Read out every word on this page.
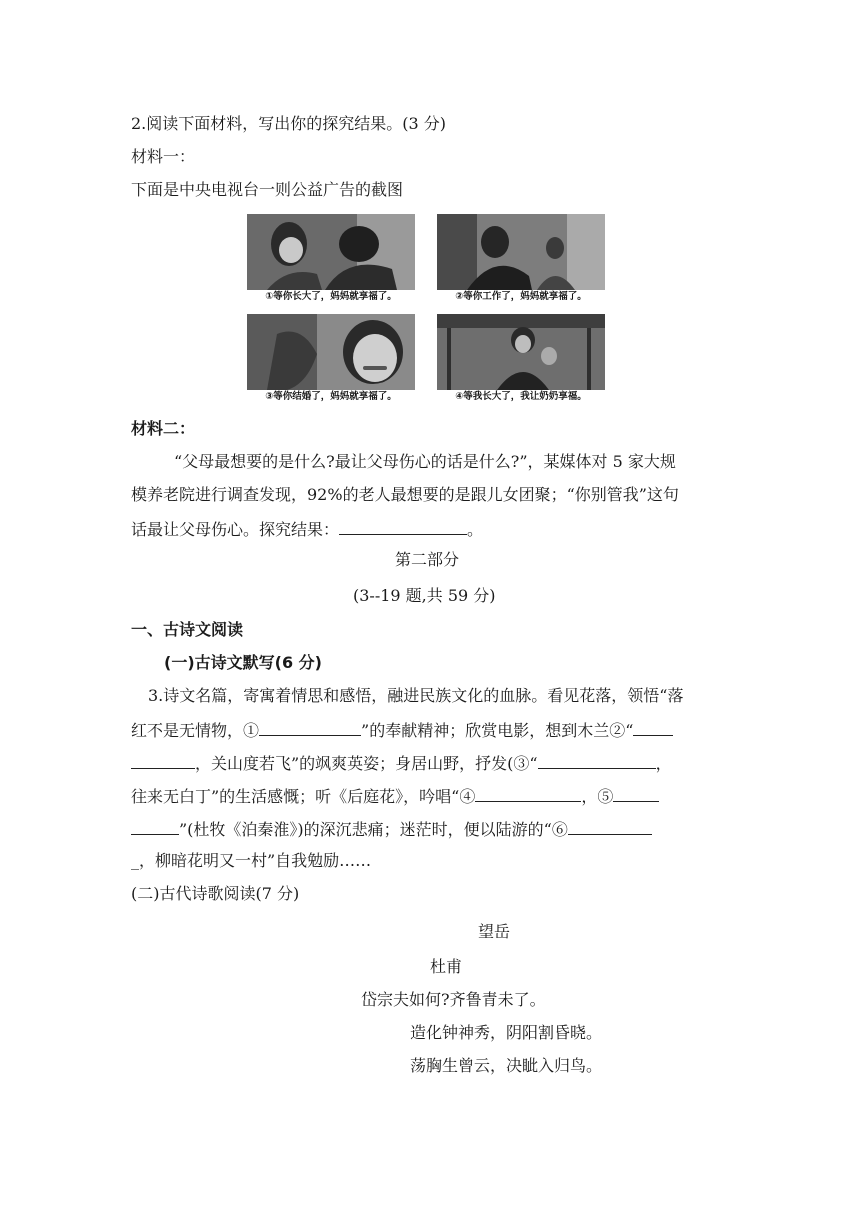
2.阅读下面材料，写出你的探究结果。(3 分)
材料一：
下面是中央电视台一则公益广告的截图
①等你长大了，妈妈就享福了。	②等你工作了，妈妈就享福了。
③等你结婚了，妈妈就享福了。	④等我长大了，我让奶奶享福。
材料二：
“父母最想要的是什么?最让父母伤心的话是什么?”，某媒体对 5 家大规
模养老院进行调查发现，92%的老人最想要的是跟儿女团聚；“你别管我”这句
话最让父母伤心。探究结果：	。
第二部分
(3--19 题,共 59 分)
一、古诗文阅读
(一)古诗文默写(6 分)
3.诗文名篇，寄寓着情思和感悟，融进民族文化的血脉。看见花落，领悟“落
红不是无情物，①	”的奉献精神；欣赏电影，想到木兰②“
，关山度若飞”的飒爽英姿；身居山野，抒发(③“	，
往来无白丁”的生活感慨；听《后庭花》，吟唱“④	，⑤
”(杜牧《泊秦淮》)的深沉悲痛；迷茫时，便以陆游的“⑥
_，柳暗花明又一村”自我勉励……
(二)古代诗歌阅读(7 分)
望岳
杜甫
岱宗夫如何?齐鲁青未了。
造化钟神秀，阴阳割昏晓。
荡胸生曾云，决眦入归鸟。
